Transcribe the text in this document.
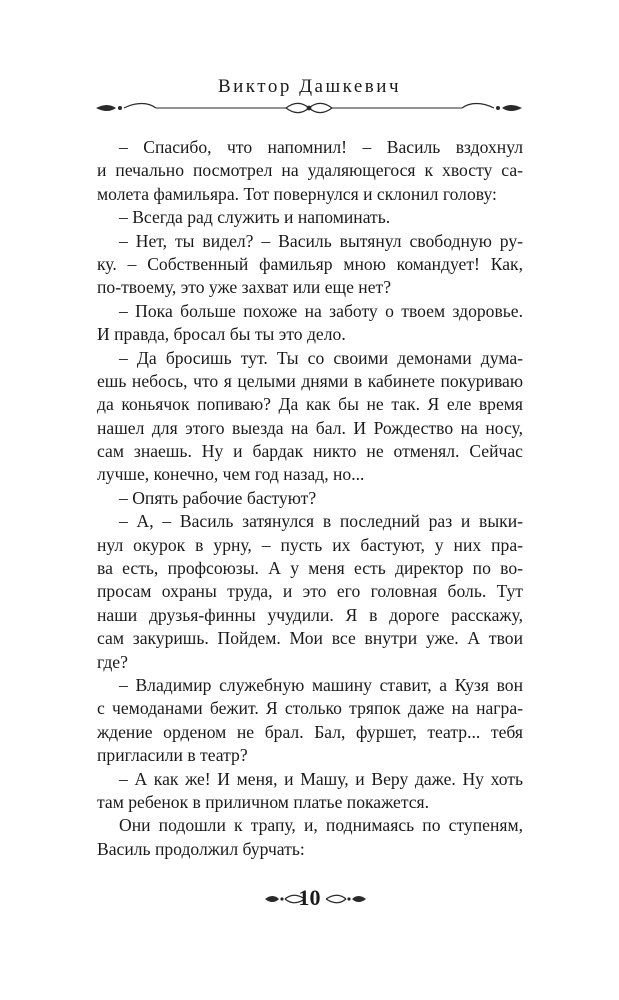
Виктор Дашкевич
– Спасибо, что напомнил! – Василь вздохнул
и печально посмотрел на удаляющегося к хвосту са-
молета фамильяра. Тот повернулся и склонил голову:
– Всегда рад служить и напоминать.
– Нет, ты видел? – Василь вытянул свободную ру-
ку. – Собственный фамильяр мною командует! Как,
по-твоему, это уже захват или еще нет?
– Пока больше похоже на заботу о твоем здоровье.
И правда, бросал бы ты это дело.
– Да бросишь тут. Ты со своими демонами дума-
ешь небось, что я целыми днями в кабинете покуриваю
да коньячок попиваю? Да как бы не так. Я еле время
нашел для этого выезда на бал. И Рождество на носу,
сам знаешь. Ну и бардак никто не отменял. Сейчас
лучше, конечно, чем год назад, но...
– Опять рабочие бастуют?
– А, – Василь затянулся в последний раз и выки-
нул окурок в урну, – пусть их бастуют, у них пра-
ва есть, профсоюзы. А у меня есть директор по во-
просам охраны труда, и это его головная боль. Тут
наши друзья-финны учудили. Я в дороге расскажу,
сам закуришь. Пойдем. Мои все внутри уже. А твои
где?
– Владимир служебную машину ставит, а Кузя вон
с чемоданами бежит. Я столько тряпок даже на награ-
ждение орденом не брал. Бал, фуршет, театр... тебя
пригласили в театр?
– А как же! И меня, и Машу, и Веру даже. Ну хоть
там ребенок в приличном платье покажется.
Они подошли к трапу, и, поднимаясь по ступеням,
Василь продолжил бурчать:
10
